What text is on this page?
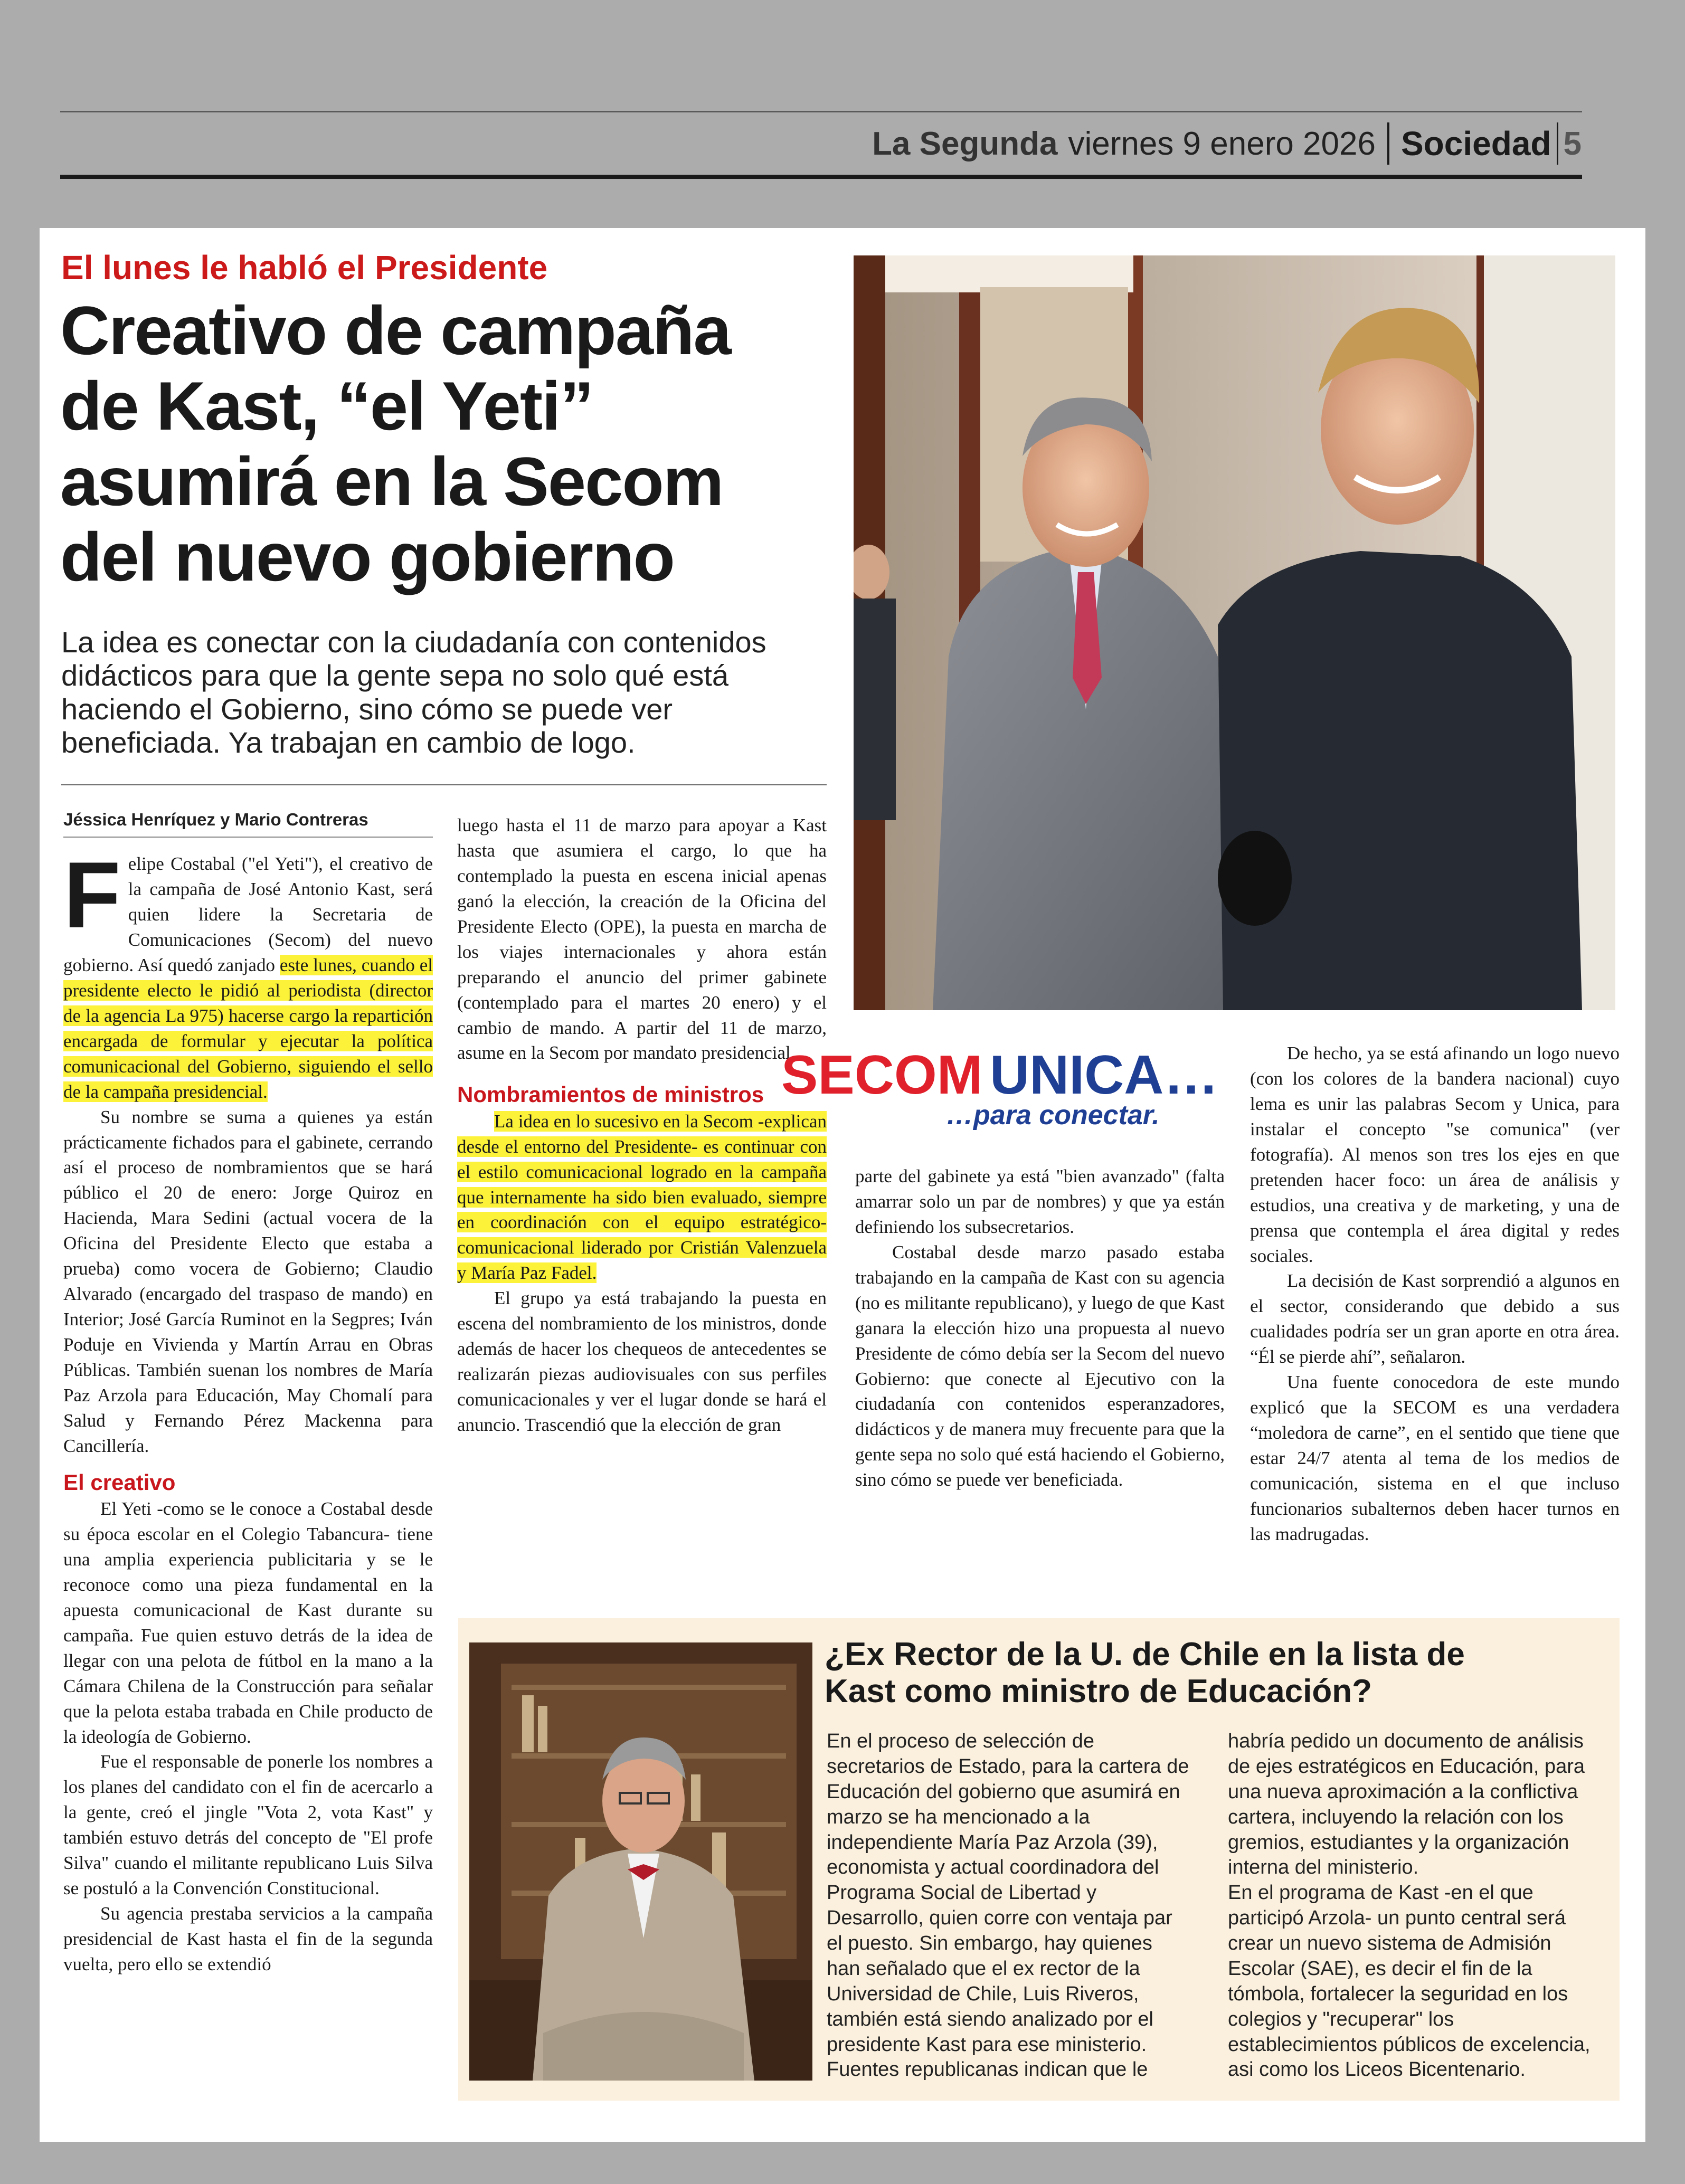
La Segunda viernes 9 enero 2026 Sociedad 5
El lunes le habló el Presidente
Creativo de campaña de Kast, “el Yeti” asumirá en la Secom del nuevo gobierno
La idea es conectar con la ciudadanía con contenidos didácticos para que la gente sepa no solo qué está haciendo el Gobierno, sino cómo se puede ver beneficiada. Ya trabajan en cambio de logo.
Jéssica Henríquez y Mario Contreras

Felipe Costabal ("el Yeti"), el creativo de la campaña de José Antonio Kast, será quien lidere la Secretaria de Comunicaciones (Secom) del nuevo gobierno. Así quedó zanjado este lunes, cuando el presidente electo le pidió al periodista (director de la agencia La 975) hacerse cargo la repartición encargada de formular y ejecutar la política comunicacional del Gobierno, siguiendo el sello de la campaña presidencial.

Su nombre se suma a quienes ya están prácticamente fichados para el gabinete, cerrando así el proceso de nombramientos que se hará público el 20 de enero: Jorge Quiroz en Hacienda, Mara Sedini (actual vocera de la Oficina del Presidente Electo que estaba a prueba) como vocera de Gobierno; Claudio Alvarado (encargado del traspaso de mando) en Interior; José García Ruminot en la Segpres; Iván Poduje en Vivienda y Martín Arrau en Obras Públicas. También suenan los nombres de María Paz Arzola para Educación, May Chomalí para Salud y Fernando Pérez Mackenna para Cancillería.

El creativo

El Yeti -como se le conoce a Costabal desde su época escolar en el Colegio Tabancura- tiene una amplia experiencia publicitaria y se le reconoce como una pieza fundamental en la apuesta comunicacional de Kast durante su campaña. Fue quien estuvo detrás de la idea de llegar con una pelota de fútbol en la mano a la Cámara Chilena de la Construcción para señalar que la pelota estaba trabada en Chile producto de la ideología de Gobierno.

Fue el responsable de ponerle los nombres a los planes del candidato con el fin de acercarlo a la gente, creó el jingle "Vota 2, vota Kast" y también estuvo detrás del concepto de "El profe Silva" cuando el militante republicano Luis Silva se postuló a la Convención Constitucional.

Su agencia prestaba servicios a la campaña presidencial de Kast hasta el fin de la segunda vuelta, pero ello se extendió

luego hasta el 11 de marzo para apoyar a Kast hasta que asumiera el cargo, lo que ha contemplado la puesta en escena inicial apenas ganó la elección, la creación de la Oficina del Presidente Electo (OPE), la puesta en marcha de los viajes internacionales y ahora están preparando el anuncio del primer gabinete (contemplado para el martes 20 enero) y el cambio de mando. A partir del 11 de marzo, asume en la Secom por mandato presidencial.

Nombramientos de ministros

La idea en lo sucesivo en la Secom -explican desde el entorno del Presidente- es continuar con el estilo comunicacional logrado en la campaña que internamente ha sido bien evaluado, siempre en coordinación con el equipo estratégico-comunicacional liderado por Cristián Valenzuela y María Paz Fadel.

El grupo ya está trabajando la puesta en escena del nombramiento de los ministros, donde además de hacer los chequeos de antecedentes se realizarán piezas audiovisuales con sus perfiles comunicacionales y ver el lugar donde se hará el anuncio. Trascendió que la elección de gran

SECOM UNICA…
…para conectar.

parte del gabinete ya está "bien avanzado" (falta amarrar solo un par de nombres) y que ya están definiendo los subsecretarios.

Costabal desde marzo pasado estaba trabajando en la campaña de Kast con su agencia (no es militante republicano), y luego de que Kast ganara la elección hizo una propuesta al nuevo Presidente de cómo debía ser la Secom del nuevo Gobierno: que conecte al Ejecutivo con la ciudadanía con contenidos esperanzadores, didácticos y de manera muy frecuente para que la gente sepa no solo qué está haciendo el Gobierno, sino cómo se puede ver beneficiada.

De hecho, ya se está afinando un logo nuevo (con los colores de la bandera nacional) cuyo lema es unir las palabras Secom y Unica, para instalar el concepto "se comunica" (ver fotografía). Al menos son tres los ejes en que pretenden hacer foco: un área de análisis y estudios, una creativa y de marketing, y una de prensa que contempla el área digital y redes sociales.

La decisión de Kast sorprendió a algunos en el sector, considerando que debido a sus cualidades podría ser un gran aporte en otra área. “Él se pierde ahí”, señalaron.

Una fuente conocedora de este mundo explicó que la SECOM es una verdadera “moledora de carne”, en el sentido que tiene que estar 24/7 atenta al tema de los medios de comunicación, sistema en el que incluso funcionarios subalternos deben hacer turnos en las madrugadas.

¿Ex Rector de la U. de Chile en la lista de Kast como ministro de Educación?

En el proceso de selección de secretarios de Estado, para la cartera de Educación del gobierno que asumirá en marzo se ha mencionado a la independiente María Paz Arzola (39), economista y actual coordinadora del Programa Social de Libertad y Desarrollo, quien corre con ventaja par el puesto. Sin embargo, hay quienes han señalado que el ex rector de la Universidad de Chile, Luis Riveros, también está siendo analizado por el presidente Kast para ese ministerio.

Fuentes republicanas indican que le

habría pedido un documento de análisis de ejes estratégicos en Educación, para una nueva aproximación a la conflictiva cartera, incluyendo la relación con los gremios, estudiantes y la organización interna del ministerio.

En el programa de Kast -en el que participó Arzola- un punto central será crear un nuevo sistema de Admisión Escolar (SAE), es decir el fin de la tómbola, fortalecer la seguridad en los colegios y "recuperar" los establecimientos públicos de excelencia, asi como los Liceos Bicentenario.
